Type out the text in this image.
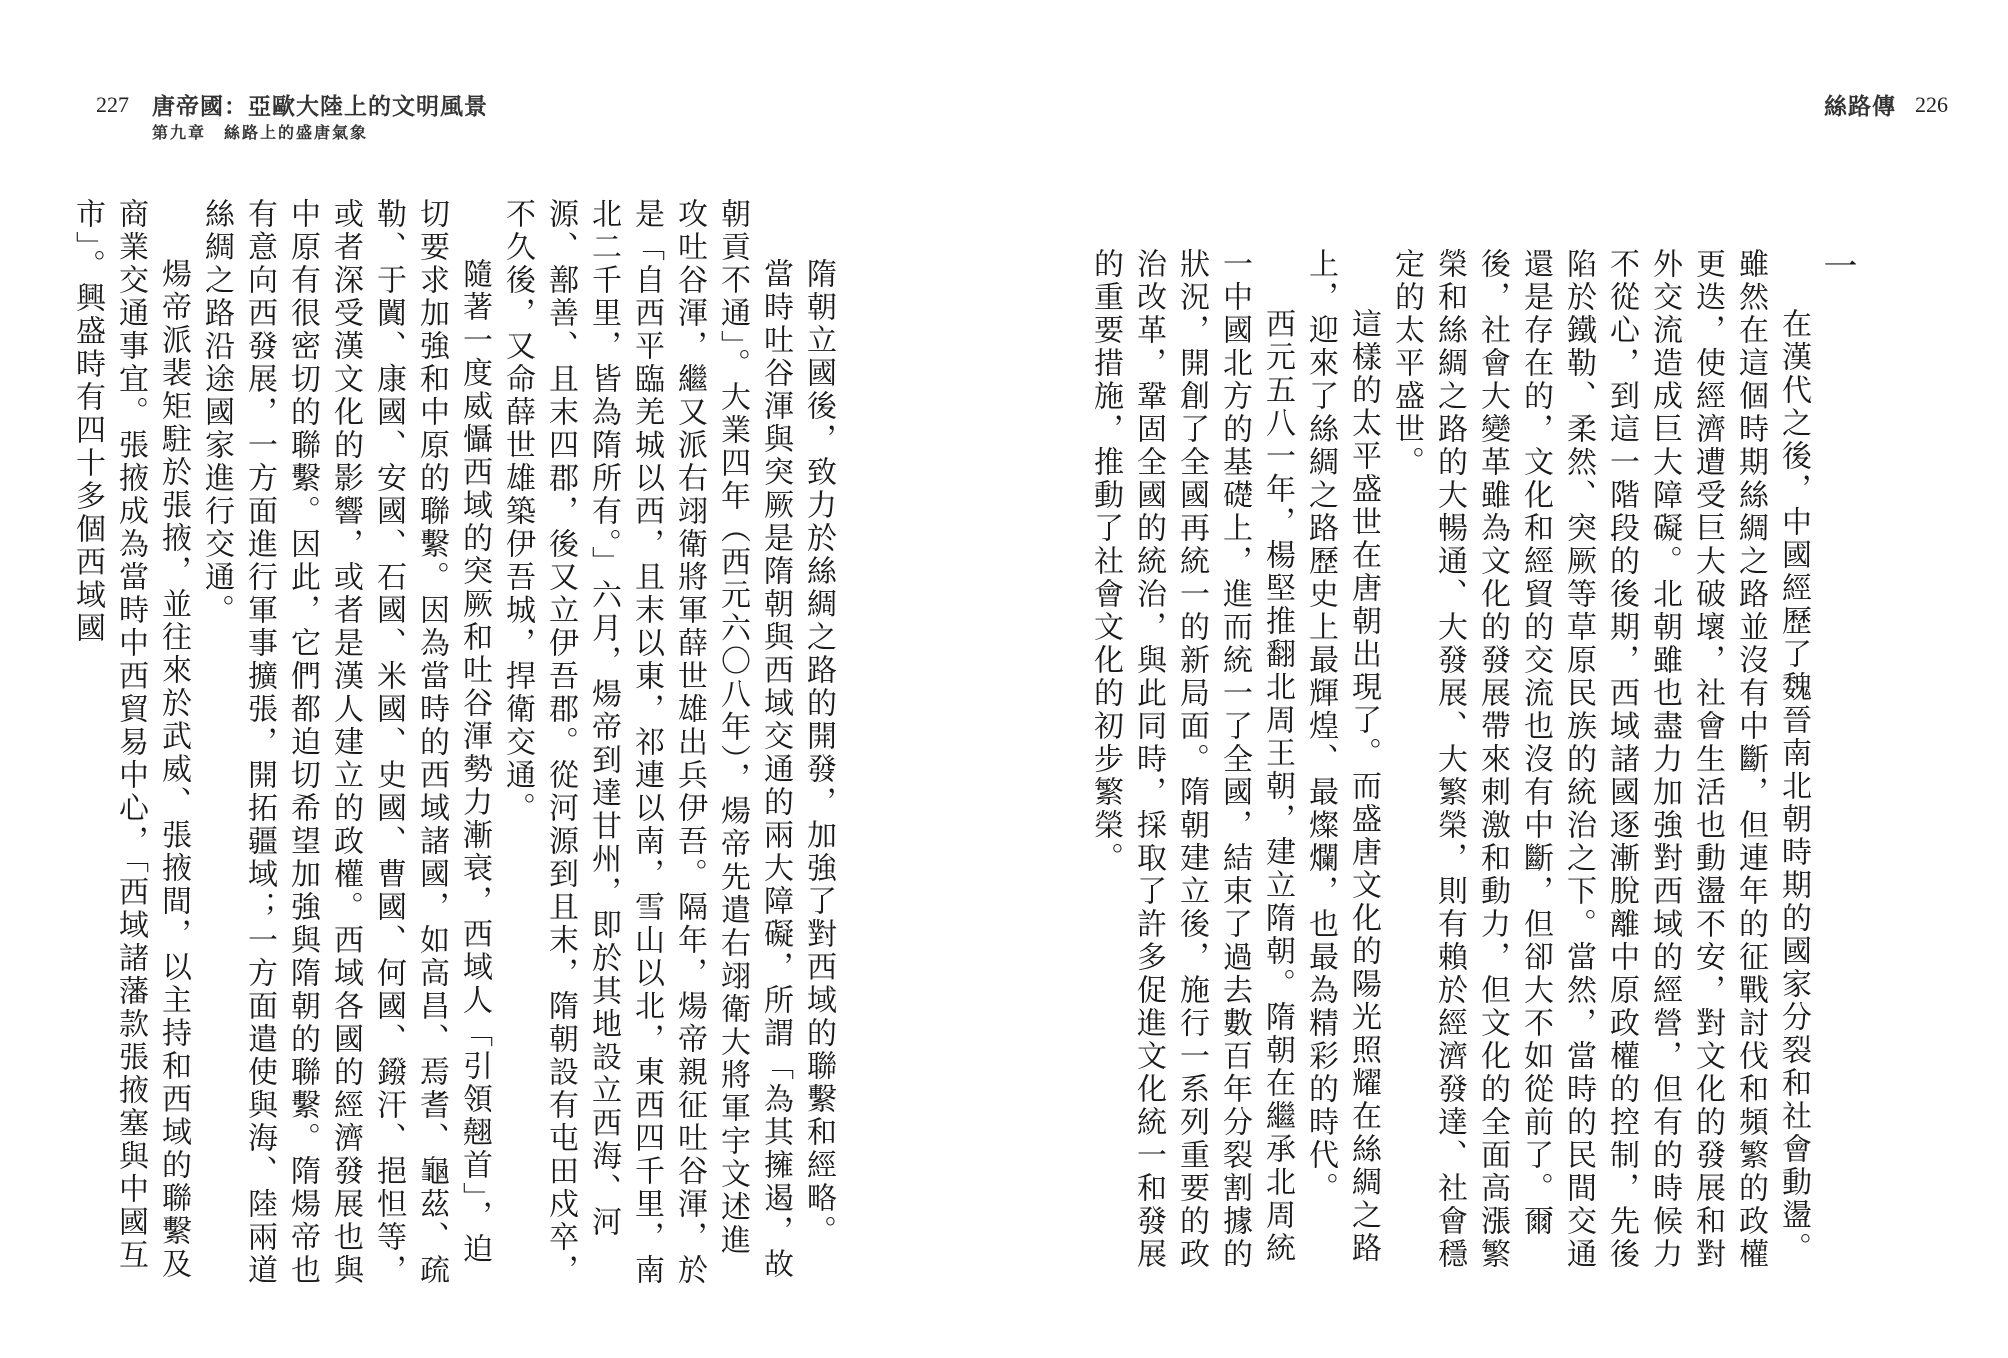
227 唐帝國：亞歐大陸上的文明風景
第九章　絲路上的盛唐氣象

隋朝立國後，致力於絲綢之路的開發，加強了對西域的聯繫和經略。

當時吐谷渾與突厥是隋朝與西域交通的兩大障礙，所謂「為其擁遏，故朝貢不通」。大業四年（西元六〇八年），煬帝先遣右翊衛大將軍宇文述進攻吐谷渾，繼又派右翊衛將軍薛世雄出兵伊吾。隔年，煬帝親征吐谷渾，於是「自西平臨羌城以西，且末以東，祁連以南，雪山以北，東西四千里，南北二千里，皆為隋所有。」六月，煬帝到達甘州，即於其地設立西海、河源、鄯善、且末四郡，後又立伊吾郡。從河源到且末，隋朝設有屯田戍卒，不久後，又命薛世雄築伊吾城，捍衛交通。

隨著一度威懾西域的突厥和吐谷渾勢力漸衰，西域人「引領翹首」，迫切要求加強和中原的聯繫。因為當時的西域諸國，如高昌、焉耆、龜茲、疏勒、于闐、康國、安國、石國、米國、史國、曹國、何國、鏺汗、挹怛等，或者深受漢文化的影響，或者是漢人建立的政權。西域各國的經濟發展也與中原有很密切的聯繫。因此，它們都迫切希望加強與隋朝的聯繫。隋煬帝也有意向西發展，一方面進行軍事擴張，開拓疆域；一方面遣使與海、陸兩道絲綢之路沿途國家進行交通。

煬帝派裴矩駐於張掖，並往來於武威、張掖間，以主持和西域的聯繫及商業交通事宜。張掖成為當時中西貿易中心，「西域諸藩款張掖塞與中國互市」。興盛時有四十多個西域國

226
絲路傳

一

在漢代之後，中國經歷了魏晉南北朝時期的國家分裂和社會動盪。雖然在這個時期絲綢之路並沒有中斷，但連年的征戰討伐和頻繁的政權更迭，使經濟遭受巨大破壞，社會生活也動盪不安，對文化的發展和對外交流造成巨大障礙。北朝雖也盡力加強對西域的經營，但有的時候力不從心，到這一階段的後期，西域諸國逐漸脫離中原政權的控制，先後陷於鐵勒、柔然、突厥等草原民族的統治之下。當然，當時的民間交通還是存在的，文化和經貿的交流也沒有中斷，但卻大不如從前了。爾後，社會大變革雖為文化的發展帶來刺激和動力，但文化的全面高漲繁榮和絲綢之路的大暢通、大發展、大繁榮，則有賴於經濟發達、社會穩定的太平盛世。

這樣的太平盛世在唐朝出現了。而盛唐文化的陽光照耀在絲綢之路上，迎來了絲綢之路歷史上最輝煌、最燦爛，也最為精彩的時代。

西元五八一年，楊堅推翻北周王朝，建立隋朝。隋朝在繼承北周統一中國北方的基礎上，進而統一了全國，結束了過去數百年分裂割據的狀況，開創了全國再統一的新局面。隋朝建立後，施行一系列重要的政治改革，鞏固全國的統治，與此同時，採取了許多促進文化統一和發展的重要措施，推動了社會文化的初步繁榮。
